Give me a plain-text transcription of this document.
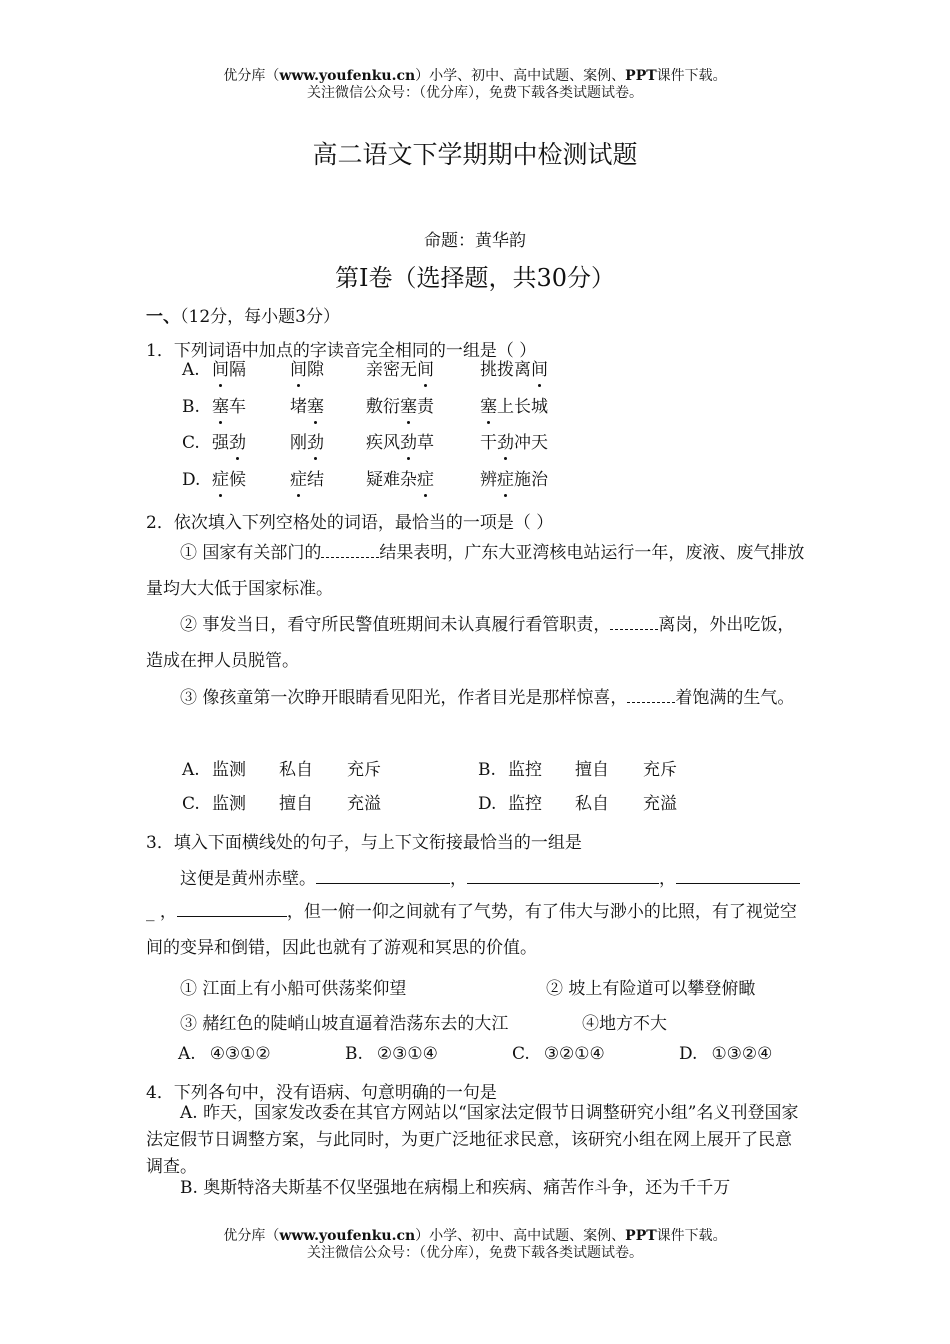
优分库（www.youfenku.cn）小学、初中、高中试题、案例、PPT课件下载。
关注微信公众号：（优分库），免费下载各类试题试卷。
高二语文下学期期中检测试题
命题：黄华韵
第Ⅰ卷（选择题，共30分）
一、（12分，每小题3分）
1．下列词语中加点的字读音完全相同的一组是（ ）
A. 间隔	间隙 亲密无间	挑拨离间
B. 塞车	堵塞 敷衍塞责	塞上长城
C. 强劲	刚劲 疾风劲草	干劲冲天
D. 症候	症结 疑难杂症	辨症施治
2．依次填入下列空格处的词语，最恰当的一项是（ ）
① 国家有关部门的	结果表明，广东大亚湾核电站运行一年，废液、废气排放量均大大低于国家标准。
② 事发当日，看守所民警值班期间未认真履行看管职责，	离岗，外出吃饭，造成在押人员脱管。
③ 像孩童第一次睁开眼睛看见阳光，作者目光是那样惊喜，	着饱满的生气。
A. 监测 私自 充斥	B. 监控 擅自 充斥
C. 监测 擅自 充溢	D. 监控 私自 充溢
3．填入下面横线处的句子，与上下文衔接最恰当的一组是
这便是黄州赤壁。	，	，
_ ，	，但一俯一仰之间就有了气势，有了伟大与渺小的比照，有了视觉空间的变异和倒错，因此也就有了游观和冥思的价值。
① 江面上有小船可供荡桨仰望	② 坡上有险道可以攀登俯瞰
③ 赭红色的陡峭山坡直逼着浩荡东去的大江	④地方不大
A. ④③①②	B. ②③①④	C. ③②①④	D. ①③②④
4．下列各句中，没有语病、句意明确的一句是
A. 昨天，国家发改委在其官方网站以“国家法定假节日调整研究小组”名义刊登国家法定假节日调整方案，与此同时，为更广泛地征求民意，该研究小组在网上展开了民意调查。
B. 奥斯特洛夫斯基不仅坚强地在病榻上和疾病、痛苦作斗争，还为千千万
优分库（www.youfenku.cn）小学、初中、高中试题、案例、PPT课件下载。
关注微信公众号：（优分库），免费下载各类试题试卷。
